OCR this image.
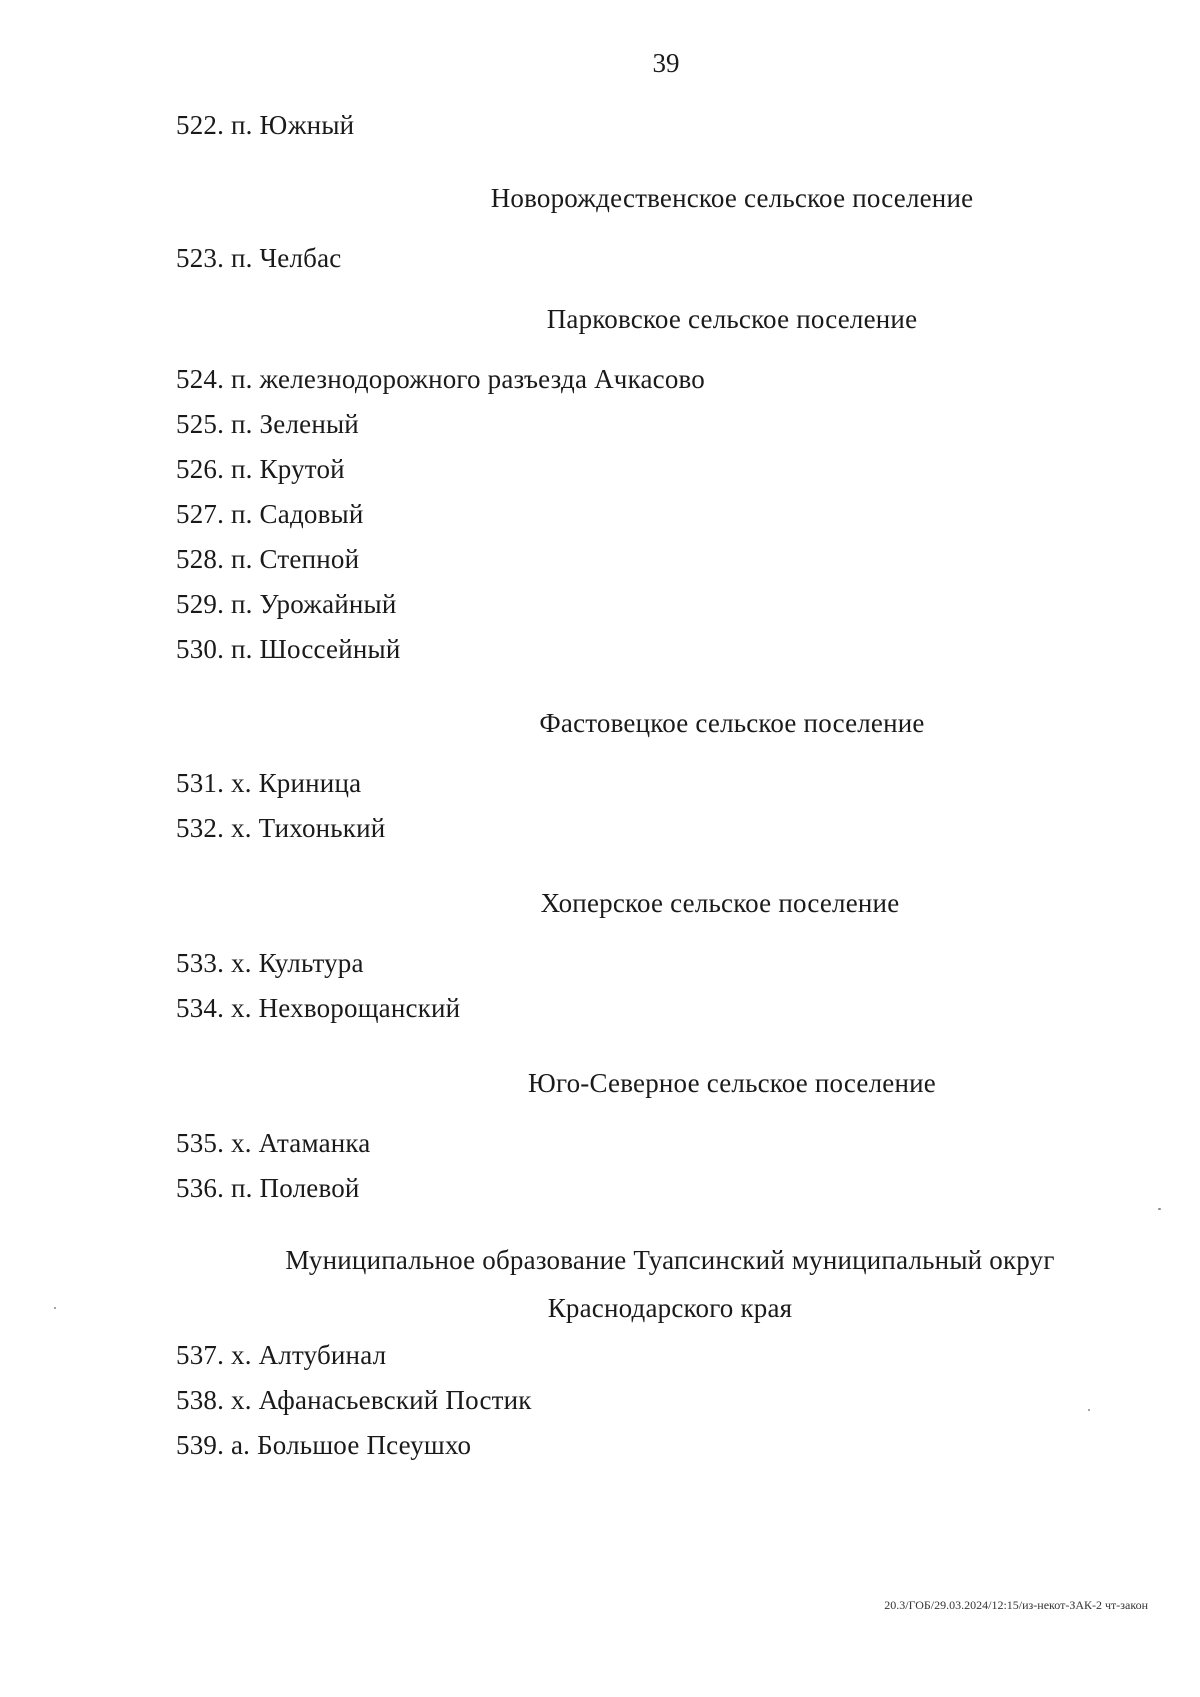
39
522. п. Южный
Новорождественское сельское поселение
523. п. Челбас
Парковское сельское поселение
524. п. железнодорожного разъезда Ачкасово
525. п. Зеленый
526. п. Крутой
527. п. Садовый
528. п. Степной
529. п. Урожайный
530. п. Шоссейный
Фастовецкое сельское поселение
531. х. Криница
532. х. Тихонький
Хоперское сельское поселение
533. х. Культура
534. х. Нехворощанский
Юго-Северное сельское поселение
535. х. Атаманка
536. п. Полевой
Муниципальное образование Туапсинский муниципальный округ
Краснодарского края
537. х. Алтубинал
538. х. Афанасьевский Постик
539. а. Большое Псеушхо
20.3/ГОБ/29.03.2024/12:15/из-некот-ЗАК-2 чт-закон
